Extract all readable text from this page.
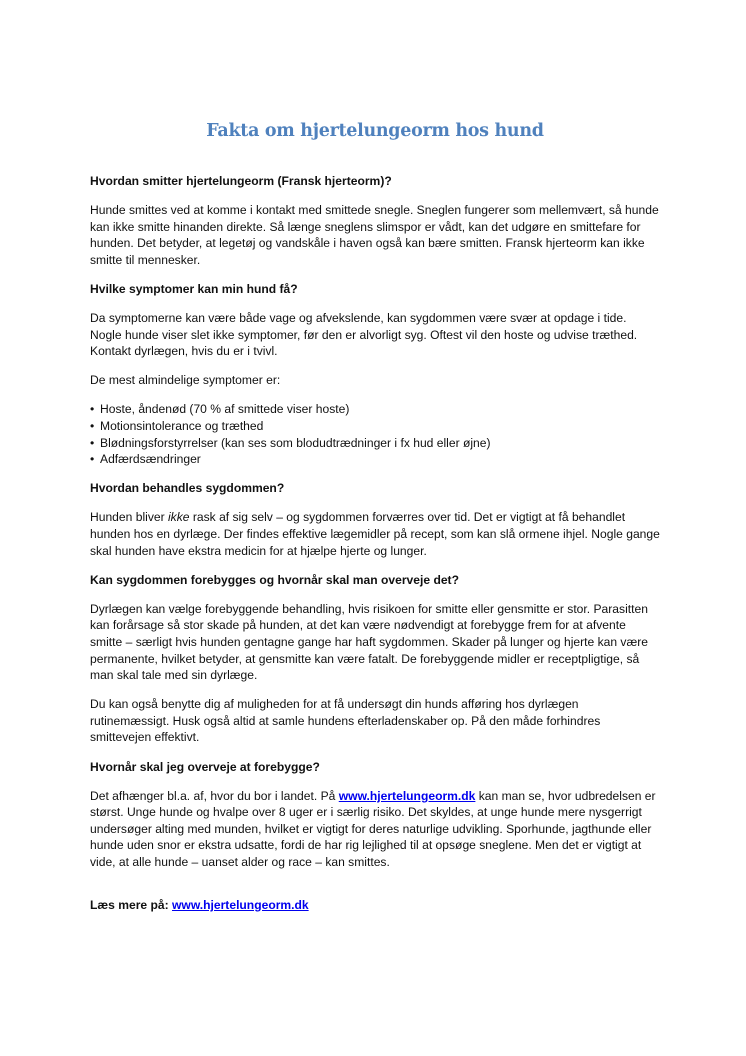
Fakta om hjertelungeorm hos hund
Hvordan smitter hjertelungeorm (Fransk hjerteorm)?

Hunde smittes ved at komme i kontakt med smittede snegle. Sneglen fungerer som mellemvært, så hunde kan ikke smitte hinanden direkte. Så længe sneglens slimspor er vådt, kan det udgøre en smittefare for hunden. Det betyder, at legetøj og vandskåle i haven også kan bære smitten. Fransk hjerteorm kan ikke smitte til mennesker.

Hvilke symptomer kan min hund få?

Da symptomerne kan være både vage og afvekslende, kan sygdommen være svær at opdage i tide. Nogle hunde viser slet ikke symptomer, før den er alvorligt syg. Oftest vil den hoste og udvise træthed. Kontakt dyrlægen, hvis du er i tvivl.

De mest almindelige symptomer er:

• Hoste, åndenød (70 % af smittede viser hoste)
• Motionsintolerance og træthed
• Blødningsforstyrrelser (kan ses som blodudtrædninger i fx hud eller øjne)
• Adfærdsændringer
Hvordan behandles sygdommen?

Hunden bliver ikke rask af sig selv – og sygdommen forværres over tid. Det er vigtigt at få behandlet hunden hos en dyrlæge. Der findes effektive lægemidler på recept, som kan slå ormene ihjel. Nogle gange skal hunden have ekstra medicin for at hjælpe hjerte og lunger.

Kan sygdommen forebygges og hvornår skal man overveje det?

Dyrlægen kan vælge forebyggende behandling, hvis risikoen for smitte eller gensmitte er stor. Parasitten kan forårsage så stor skade på hunden, at det kan være nødvendigt at forebygge frem for at afvente smitte – særligt hvis hunden gentagne gange har haft sygdommen. Skader på lunger og hjerte kan være permanente, hvilket betyder, at gensmitte kan være fatalt. De forebyggende midler er receptpligtige, så man skal tale med sin dyrlæge.

Du kan også benytte dig af muligheden for at få undersøgt din hunds afføring hos dyrlægen rutinemæssigt. Husk også altid at samle hundens efterladenskaber op. På den måde forhindres smittevejen effektivt.

Hvornår skal jeg overveje at forebygge?

Det afhænger bl.a. af, hvor du bor i landet. På www.hjertelungeorm.dk kan man se, hvor udbredelsen er størst. Unge hunde og hvalpe over 8 uger er i særlig risiko. Det skyldes, at unge hunde mere nysgerrigt undersøger alting med munden, hvilket er vigtigt for deres naturlige udvikling. Sporhunde, jagthunde eller hunde uden snor er ekstra udsatte, fordi de har rig lejlighed til at opsøge sneglene. Men det er vigtigt at vide, at alle hunde – uanset alder og race – kan smittes.

Læs mere på: www.hjertelungeorm.dk
